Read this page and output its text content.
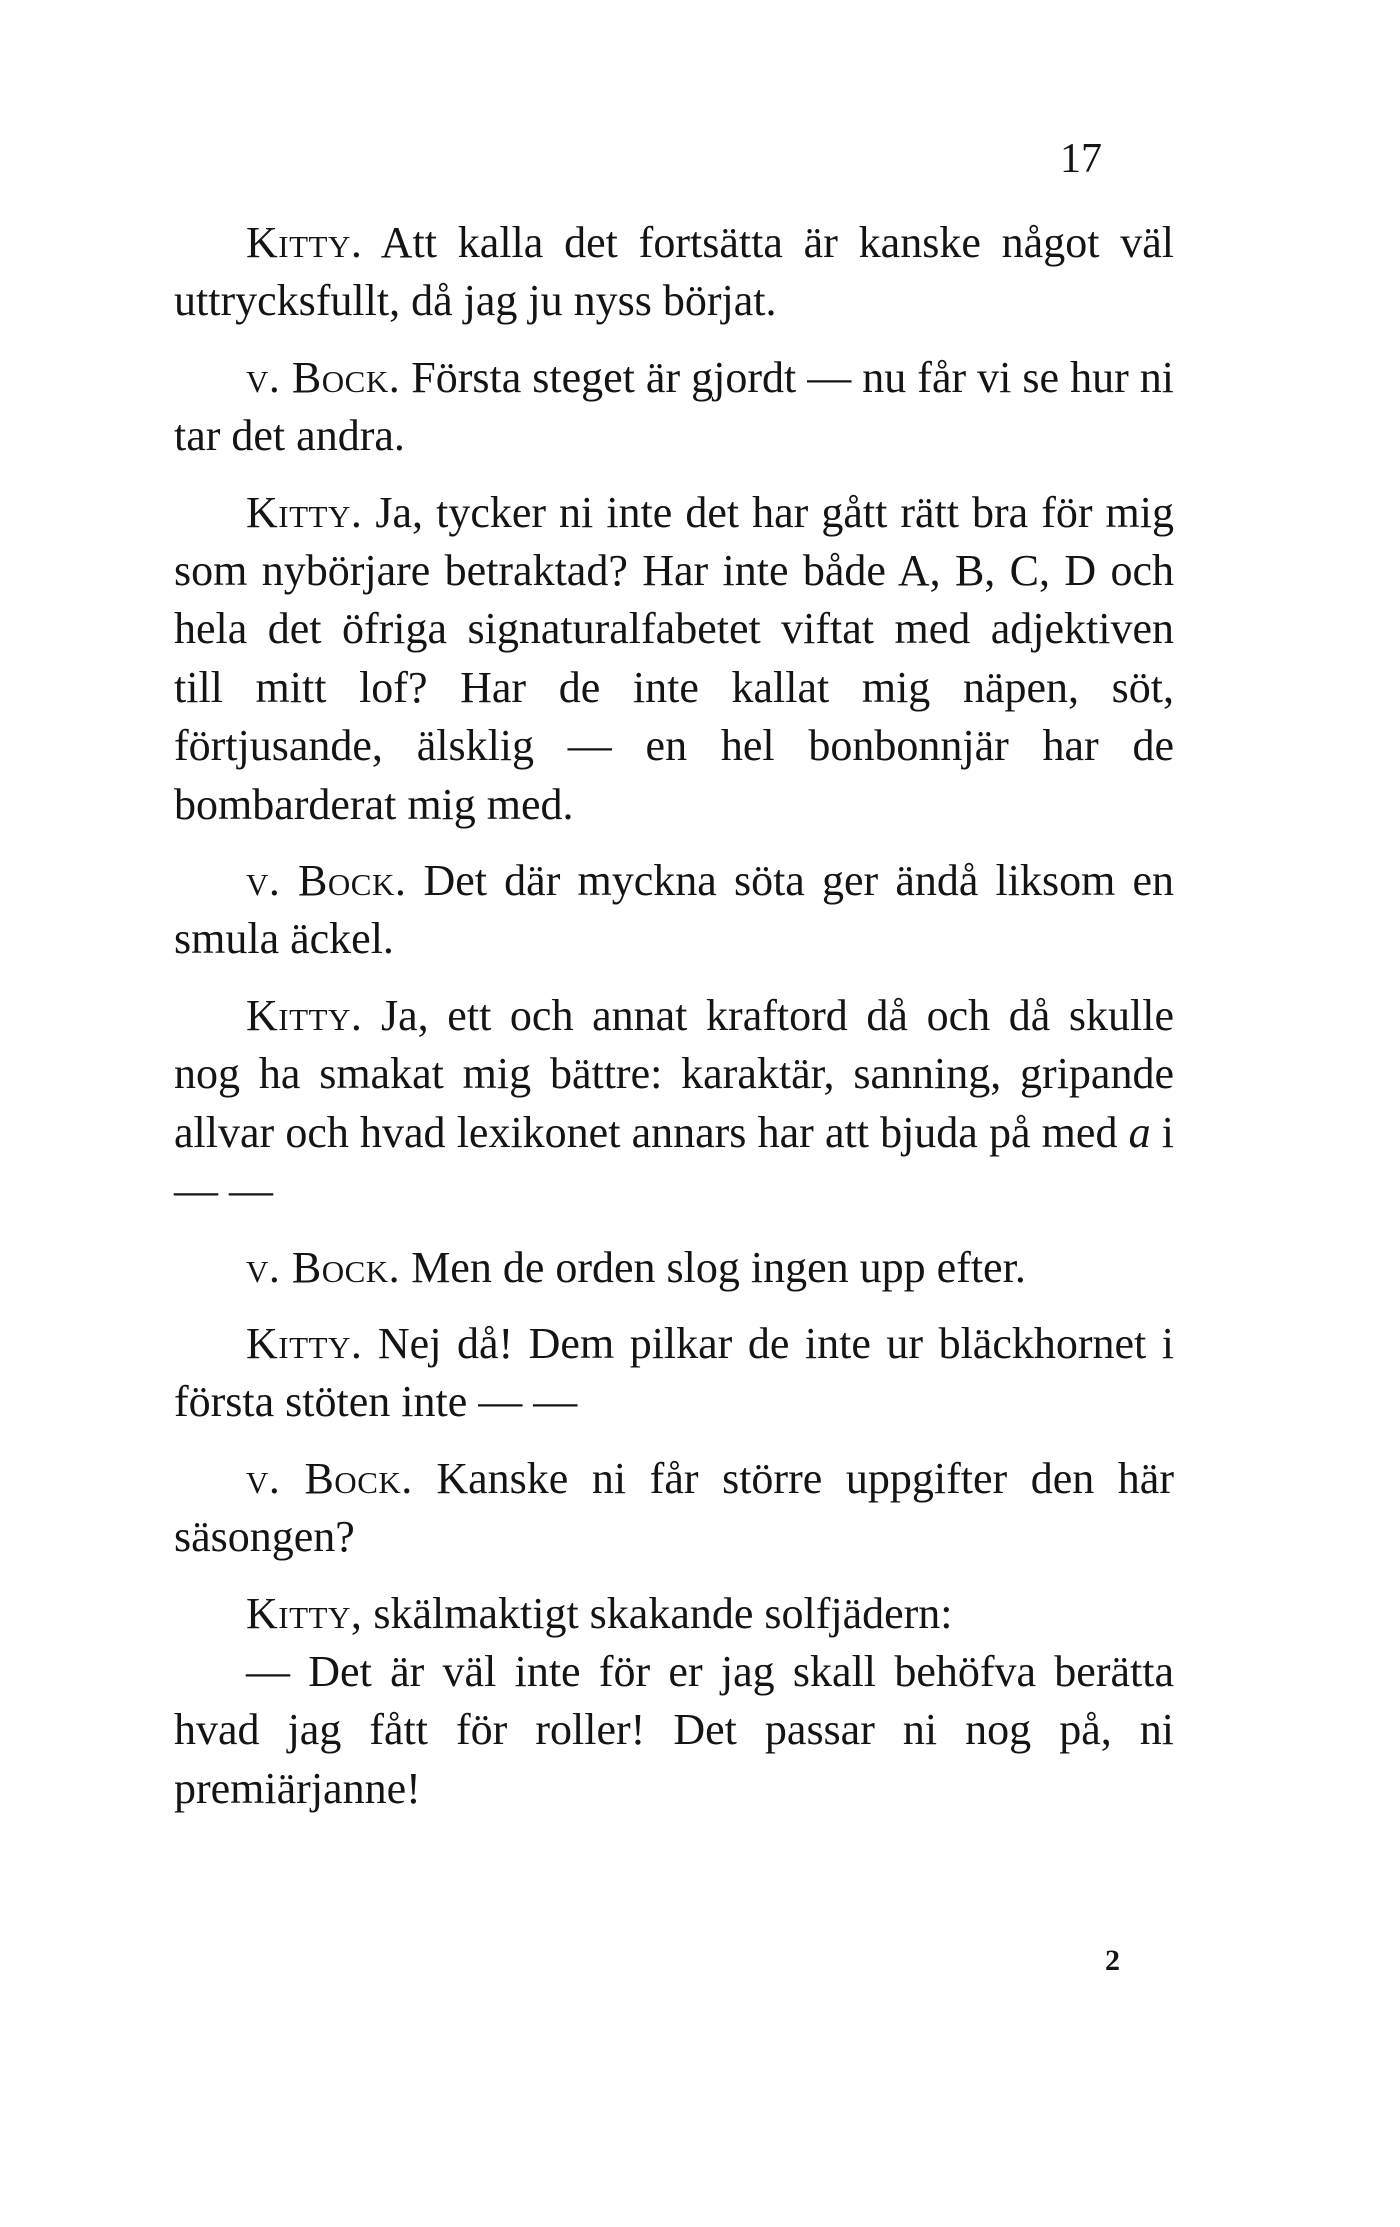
17

Kitty. Att kalla det fortsätta är kanske något väl uttrycksfullt, då jag ju nyss börjat.

v. Bock. Första steget är gjordt — nu får vi se hur ni tar det andra.

Kitty. Ja, tycker ni inte det har gått rätt bra för mig som nybörjare betraktad? Har inte både A, B, C, D och hela det öfriga signaturalfabetet viftat med adjektiven till mitt lof? Har de inte kallat mig näpen, söt, förtjusande, älsklig — en hel bonbonnjär har de bombarderat mig med.

v. Bock. Det där myckna söta ger ändå liksom en smula äckel.

Kitty. Ja, ett och annat kraftord då och då skulle nog ha smakat mig bättre: karaktär, sanning, gripande allvar och hvad lexikonet annars har att bjuda på med a i — —

v. Bock. Men de orden slog ingen upp efter.

Kitty. Nej då! Dem pilkar de inte ur bläckhornet i första stöten inte — —

v. Bock. Kanske ni får större uppgifter den här säsongen?

Kitty, skälmaktigt skakande solfjädern:

— Det är väl inte för er jag skall behöfva berätta hvad jag fått för roller! Det passar ni nog på, ni premiärjanne!

2
